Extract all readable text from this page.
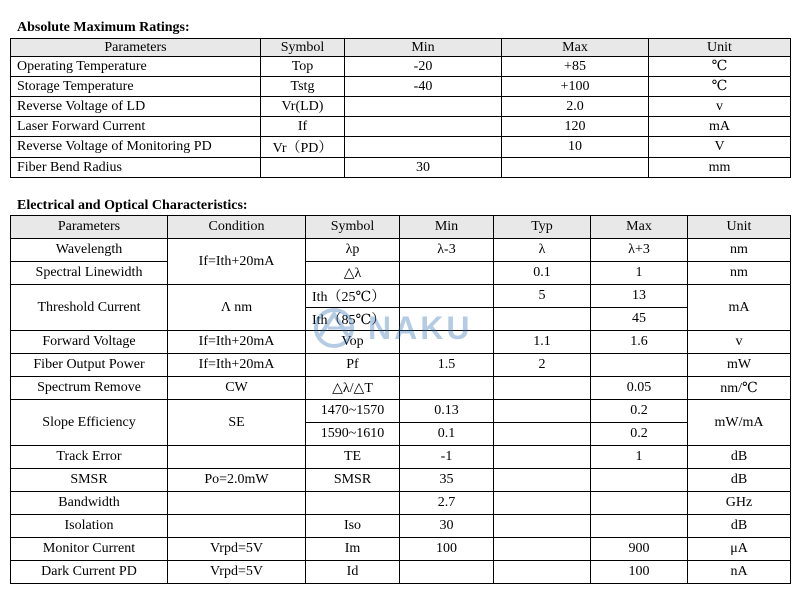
Absolute Maximum Ratings:
Parameters	Symbol	Min	Max	Unit
Operating Temperature	Top	-20	+85	℃
Storage Temperature	Tstg	-40	+100	℃
Reverse Voltage of LD	Vr(LD)		2.0	v
Laser Forward Current	If		120	mA
Reverse Voltage of Monitoring PD	Vr（PD）		10	V
Fiber Bend Radius		30		mm
Electrical and Optical Characteristics:
Parameters	Condition	Symbol	Min	Typ	Max	Unit
Wavelength	If=Ith+20mA	λp	λ-3	λ	λ+3	nm
Spectral Linewidth		△λ		0.1	1	nm
Threshold Current	Λ nm	Ith（25℃）		5	13	mA
		Ith（85℃）			45	
Forward Voltage	If=Ith+20mA	Vop		1.1	1.6	v
Fiber Output Power	If=Ith+20mA	Pf	1.5	2		mW
Spectrum Remove	CW	△λ/△T			0.05	nm/℃
Slope Efficiency	SE	1470~1570	0.13		0.2	mW/mA
		1590~1610	0.1		0.2	
Track Error		TE	-1		1	dB
SMSR	Po=2.0mW	SMSR	35			dB
Bandwidth			2.7			GHz
Isolation		Iso	30			dB
Monitor Current	Vrpd=5V	Im	100		900	μA
Dark Current PD	Vrpd=5V	Id			100	nA
NAKU
